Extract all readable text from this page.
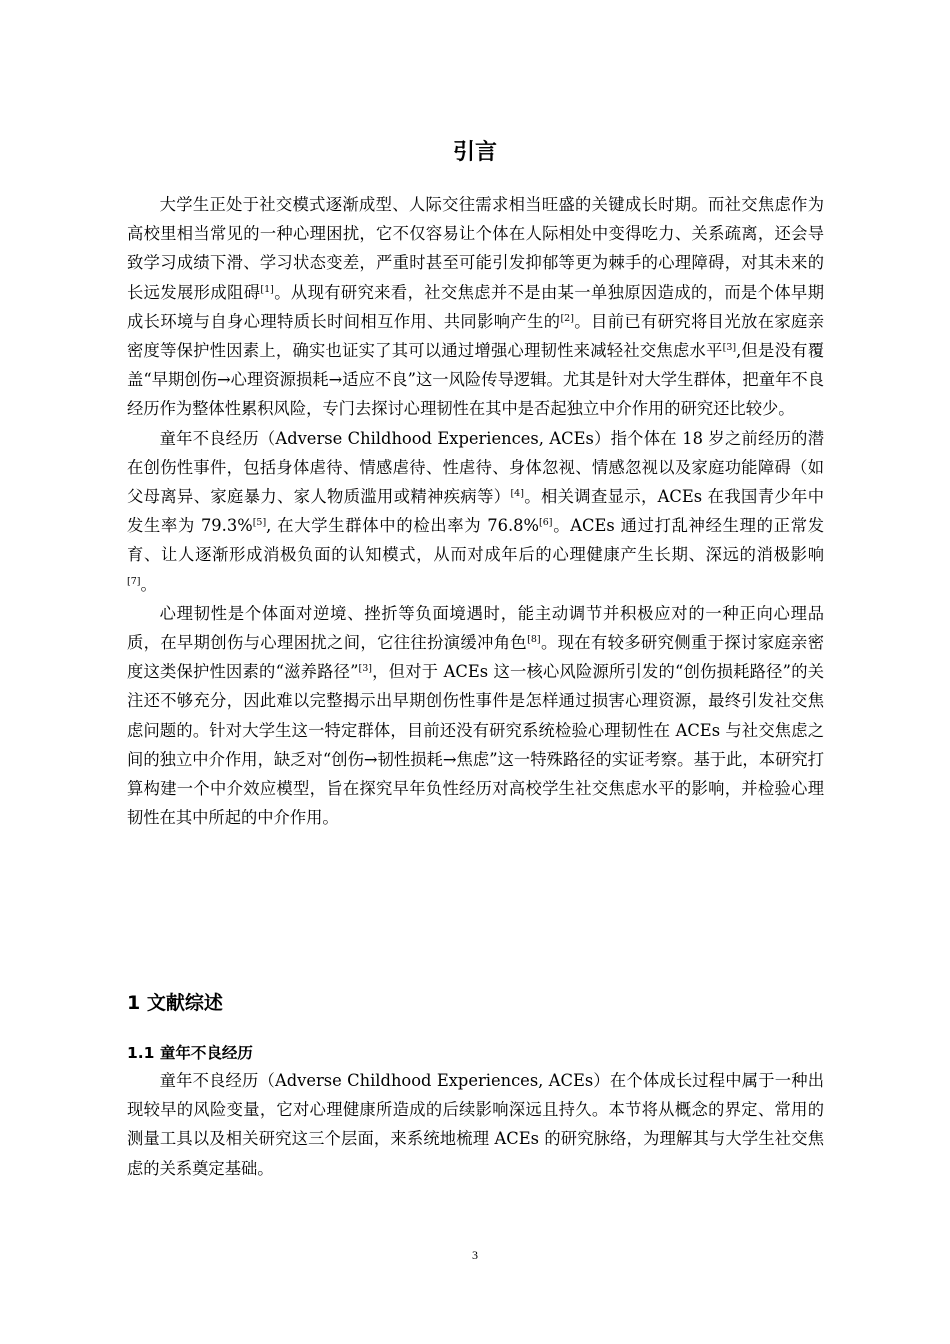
引言

大学生正处于社交模式逐渐成型、人际交往需求相当旺盛的关键成长时期。而社交焦虑作为高校里相当常见的一种心理困扰，它不仅容易让个体在人际相处中变得吃力、关系疏离，还会导致学习成绩下滑、学习状态变差，严重时甚至可能引发抑郁等更为棘手的心理障碍，对其未来的长远发展形成阻碍[1]。从现有研究来看，社交焦虑并不是由某一单独原因造成的，而是个体早期成长环境与自身心理特质长时间相互作用、共同影响产生的[2]。目前已有研究将目光放在家庭亲密度等保护性因素上，确实也证实了其可以通过增强心理韧性来减轻社交焦虑水平[3],但是没有覆盖“早期创伤→心理资源损耗→适应不良”这一风险传导逻辑。尤其是针对大学生群体，把童年不良经历作为整体性累积风险，专门去探讨心理韧性在其中是否起独立中介作用的研究还比较少。

童年不良经历（Adverse Childhood Experiences, ACEs）指个体在 18 岁之前经历的潜在创伤性事件，包括身体虐待、情感虐待、性虐待、身体忽视、情感忽视以及家庭功能障碍（如父母离异、家庭暴力、家人物质滥用或精神疾病等）[4]。相关调查显示，ACEs 在我国青少年中发生率为 79.3%[5], 在大学生群体中的检出率为 76.8%[6]。ACEs 通过打乱神经生理的正常发育、让人逐渐形成消极负面的认知模式，从而对成年后的心理健康产生长期、深远的消极影响[7]。

心理韧性是个体面对逆境、挫折等负面境遇时，能主动调节并积极应对的一种正向心理品质，在早期创伤与心理困扰之间，它往往扮演缓冲角色[8]。现在有较多研究侧重于探讨家庭亲密度这类保护性因素的“滋养路径”[3]，但对于 ACEs 这一核心风险源所引发的“创伤损耗路径”的关注还不够充分，因此难以完整揭示出早期创伤性事件是怎样通过损害心理资源，最终引发社交焦虑问题的。针对大学生这一特定群体，目前还没有研究系统检验心理韧性在 ACEs 与社交焦虑之间的独立中介作用，缺乏对“创伤→韧性损耗→焦虑”这一特殊路径的实证考察。基于此，本研究打算构建一个中介效应模型，旨在探究早年负性经历对高校学生社交焦虑水平的影响，并检验心理韧性在其中所起的中介作用。

1 文献综述
1.1 童年不良经历

童年不良经历（Adverse Childhood Experiences, ACEs）在个体成长过程中属于一种出现较早的风险变量，它对心理健康所造成的后续影响深远且持久。本节将从概念的界定、常用的测量工具以及相关研究这三个层面，来系统地梳理 ACEs 的研究脉络，为理解其与大学生社交焦虑的关系奠定基础。

3
